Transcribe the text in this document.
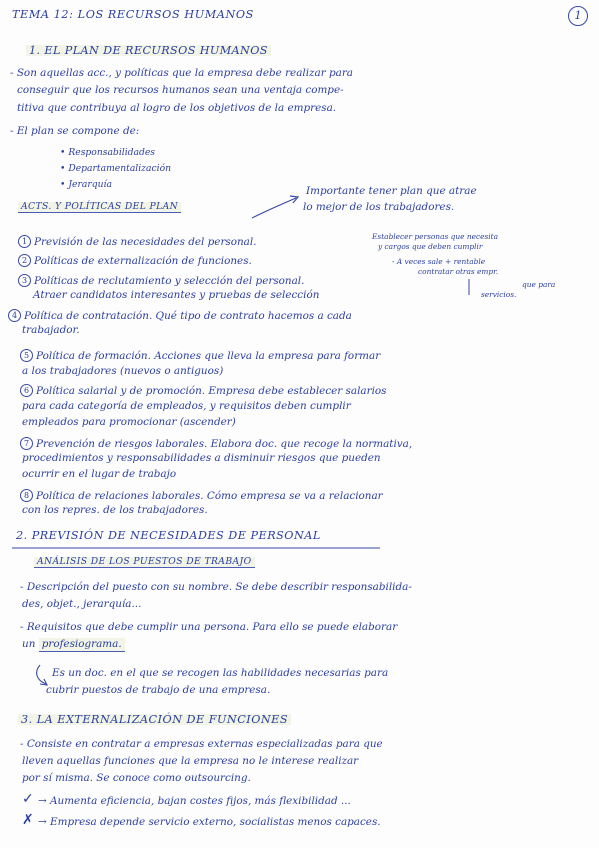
TEMA 12: LOS RECURSOS HUMANOS	1
1. EL PLAN DE RECURSOS HUMANOS
- Son aquellas acc., y políticas que la empresa debe realizar para
conseguir que los recursos humanos sean una ventaja compe-
titiva que contribuya al logro de los objetivos de la empresa.
- El plan se compone de:
• Responsabilidades
• Departamentalización
• Jerarquía
ACTS. Y POLÍTICAS DEL PLAN
Importante tener plan que atrae
lo mejor de los trabajadores.
1 Previsión de las necesidades del personal.	Establecer personas que necesita
y cargos que deben cumplir
2 Políticas de externalización de funciones.	- A veces sale + rentable
3 Políticas de reclutamiento y selección del personal.
contratar otras empr.
que para
servicios.
Atraer candidatos interesantes y pruebas de selección
4 Política de contratación. Qué tipo de contrato hacemos a cada
trabajador.
5 Política de formación. Acciones que lleva la empresa para formar
a los trabajadores (nuevos o antiguos)
6 Política salarial y de promoción. Empresa debe establecer salarios
para cada categoría de empleados, y requisitos deben cumplir
empleados para promocionar (ascender)
7 Prevención de riesgos laborales. Elabora doc. que recoge la normativa,
procedimientos y responsabilidades a disminuir riesgos que pueden
ocurrir en el lugar de trabajo
8 Política de relaciones laborales. Cómo empresa se va a relacionar
con los repres. de los trabajadores.
2. PREVISIÓN DE NECESIDADES DE PERSONAL
ANÁLISIS DE LOS PUESTOS DE TRABAJO
- Descripción del puesto con su nombre. Se debe describir responsabilida-
des, objet., jerarquía...
- Requisitos que debe cumplir una persona. Para ello se puede elaborar
un profesiograma.
Es un doc. en el que se recogen las habilidades necesarias para
cubrir puestos de trabajo de una empresa.
3. LA EXTERNALIZACIÓN DE FUNCIONES
- Consiste en contratar a empresas externas especializadas para que
lleven aquellas funciones que la empresa no le interese realizar
por sí misma. Se conoce como outsourcing.
✓ → Aumenta eficiencia, bajan costes fijos, más flexibilidad ...
✗ → Empresa depende servicio externo, socialistas menos capaces.
